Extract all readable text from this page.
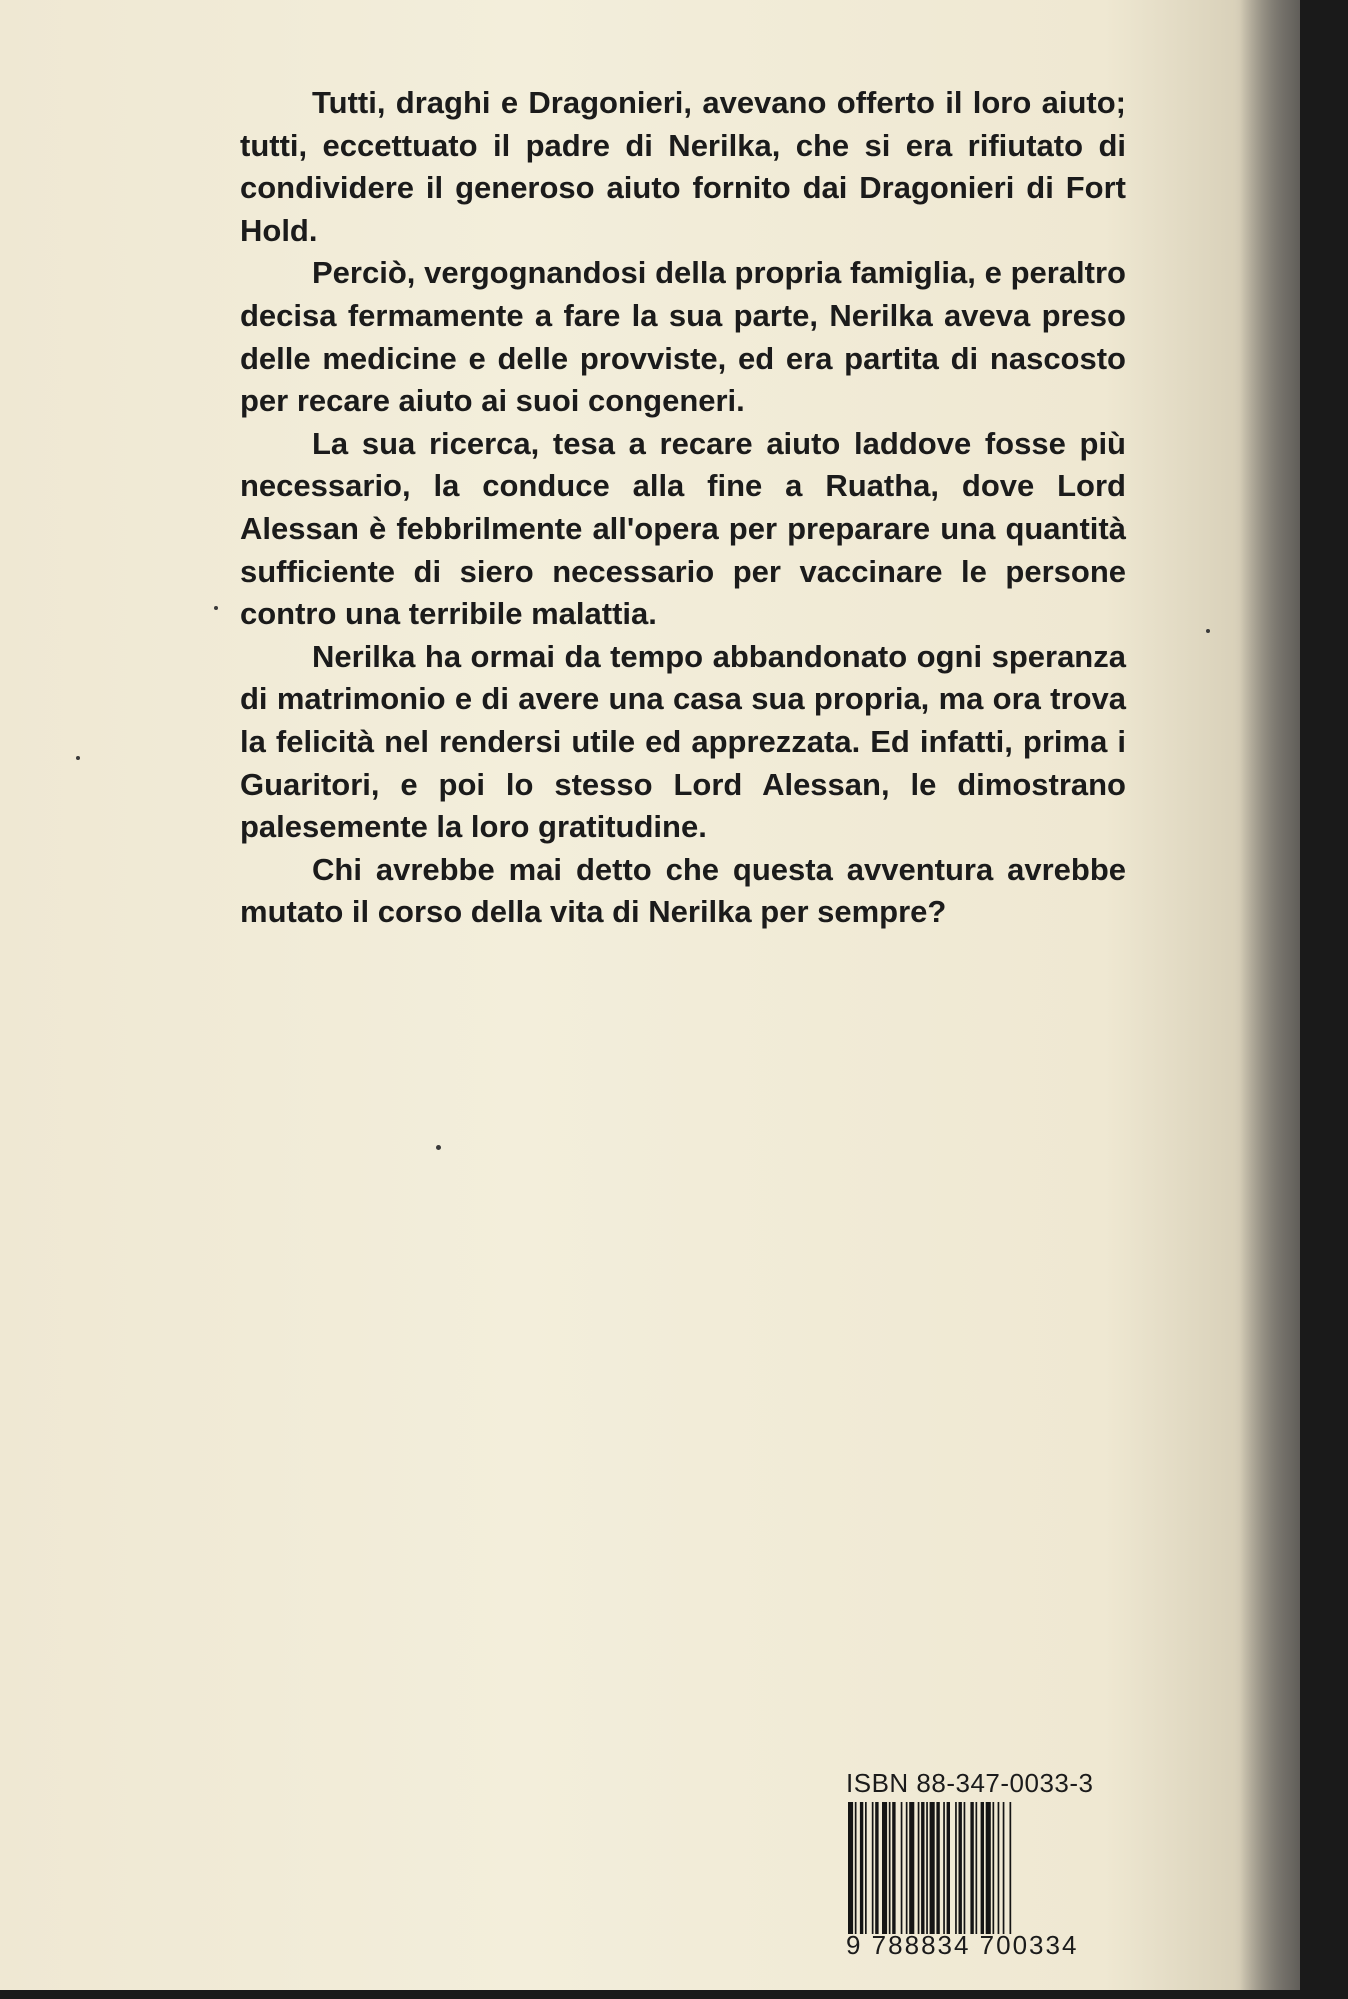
Tutti, draghi e Dragonieri, avevano offerto il loro aiuto; tutti, eccettuato il padre di Nerilka, che si era rifiutato di condividere il generoso aiuto fornito dai Dragonieri di Fort Hold.

Perciò, vergognandosi della propria famiglia, e peraltro decisa fermamente a fare la sua parte, Nerilka aveva preso delle medicine e delle provviste, ed era partita di nascosto per recare aiuto ai suoi congeneri.

La sua ricerca, tesa a recare aiuto laddove fosse più necessario, la conduce alla fine a Ruatha, dove Lord Alessan è febbrilmente all'opera per preparare una quantità sufficiente di siero necessario per vaccinare le persone contro una terribile malattia.

Nerilka ha ormai da tempo abbandonato ogni speranza di matrimonio e di avere una casa sua propria, ma ora trova la felicità nel rendersi utile ed apprezzata. Ed infatti, prima i Guaritori, e poi lo stesso Lord Alessan, le dimostrano palesemente la loro gratitudine.

Chi avrebbe mai detto che questa avventura avrebbe mutato il corso della vita di Nerilka per sempre?

ISBN 88-347-0033-3
9 788834 700334
